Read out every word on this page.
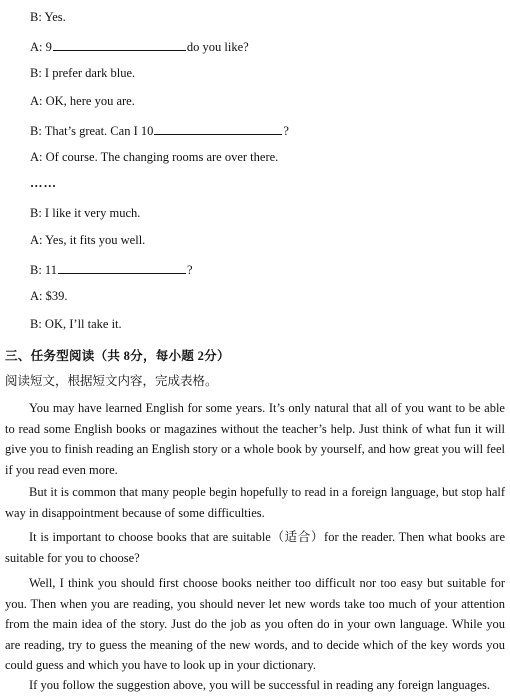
B: Yes.
A: 9	do you like?
B: I prefer dark blue.
A: OK, here you are.
B: That’s great. Can I 10	?
A: Of course. The changing rooms are over there.
……
B: I like it very much.
A: Yes, it fits you well.
B: 11	?
A: $39.
B: OK, I’ll take it.
三、任务型阅读（共 8分，每小题 2分）
阅读短文，根据短文内容，完成表格。

You may have learned English for some years. It’s only natural that all of you want to be able to read some English books or magazines without the teacher’s help. Just think of what fun it will give you to finish reading an English story or a whole book by yourself, and how great you will feel if you read even more.

But it is common that many people begin hopefully to read in a foreign language, but stop half way in disappointment because of some difficulties.

It is important to choose books that are suitable（适合）for the reader. Then what books are suitable for you to choose?

Well, I think you should first choose books neither too difficult nor too easy but suitable for you. Then when you are reading, you should never let new words take too much of your attention from the main idea of the story. Just do the job as you often do in your own language. While you are reading, try to guess the meaning of the new words, and to decide which of the key words you could guess and which you have to look up in your dictionary.

If you follow the suggestion above, you will be successful in reading any foreign languages.
